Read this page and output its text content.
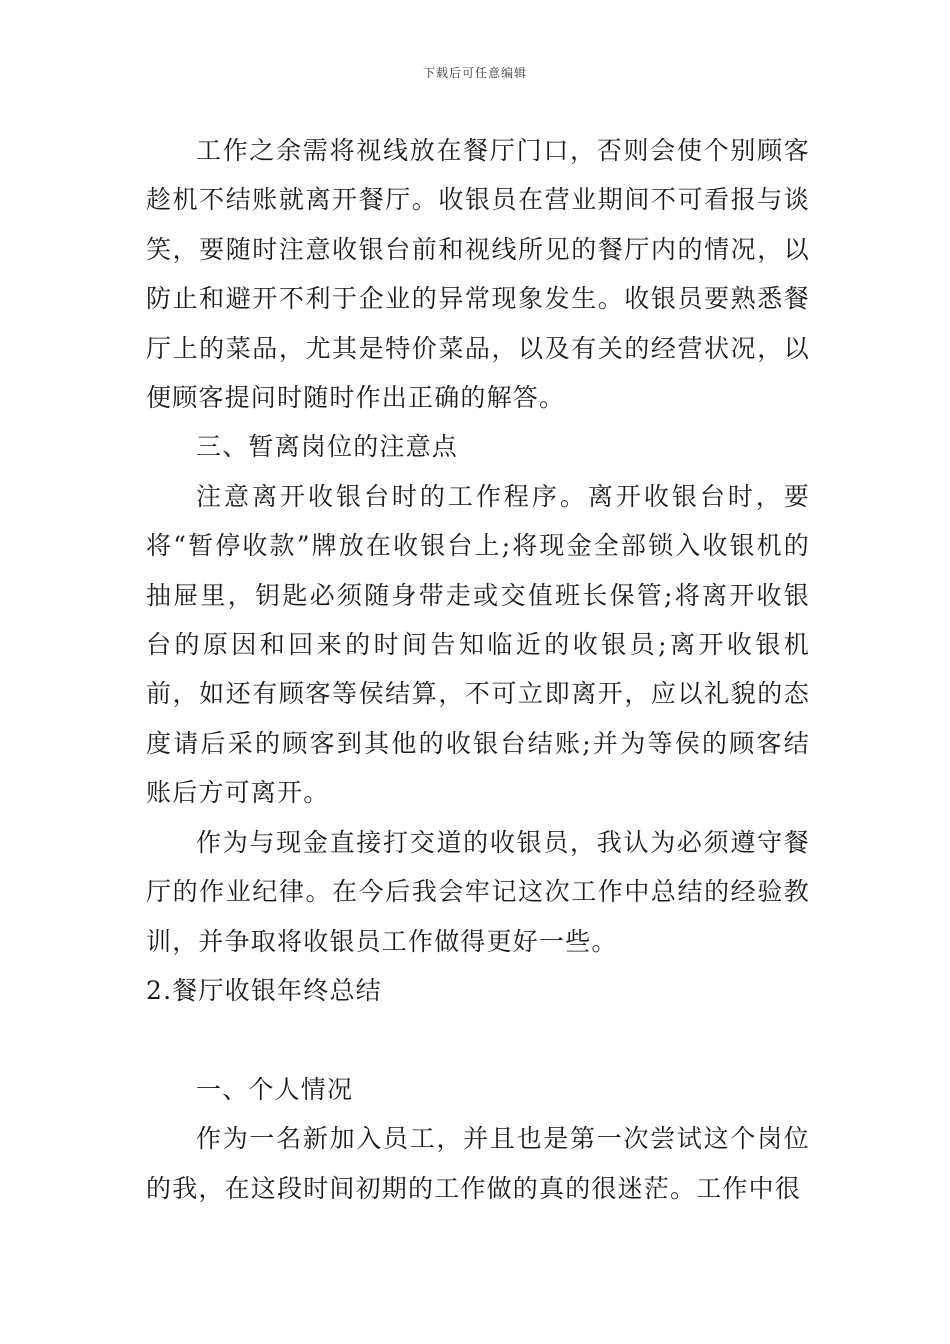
下载后可任意编辑

工作之余需将视线放在餐厅门口，否则会使个别顾客趁机不结账就离开餐厅。收银员在营业期间不可看报与谈笑，要随时注意收银台前和视线所见的餐厅内的情况，以防止和避开不利于企业的异常现象发生。收银员要熟悉餐厅上的菜品，尤其是特价菜品，以及有关的经营状况，以便顾客提问时随时作出正确的解答。

三、暂离岗位的注意点

注意离开收银台时的工作程序。离开收银台时，要将“暂停收款”牌放在收银台上;将现金全部锁入收银机的抽屉里，钥匙必须随身带走或交值班长保管;将离开收银台的原因和回来的时间告知临近的收银员;离开收银机前，如还有顾客等侯结算，不可立即离开，应以礼貌的态度请后采的顾客到其他的收银台结账;并为等侯的顾客结账后方可离开。

作为与现金直接打交道的收银员，我认为必须遵守餐厅的作业纪律。在今后我会牢记这次工作中总结的经验教训，并争取将收银员工作做得更好一些。

2.餐厅收银年终总结

一、个人情况

作为一名新加入员工，并且也是第一次尝试这个岗位的我，在这段时间初期的工作做的真的很迷茫。工作中很
